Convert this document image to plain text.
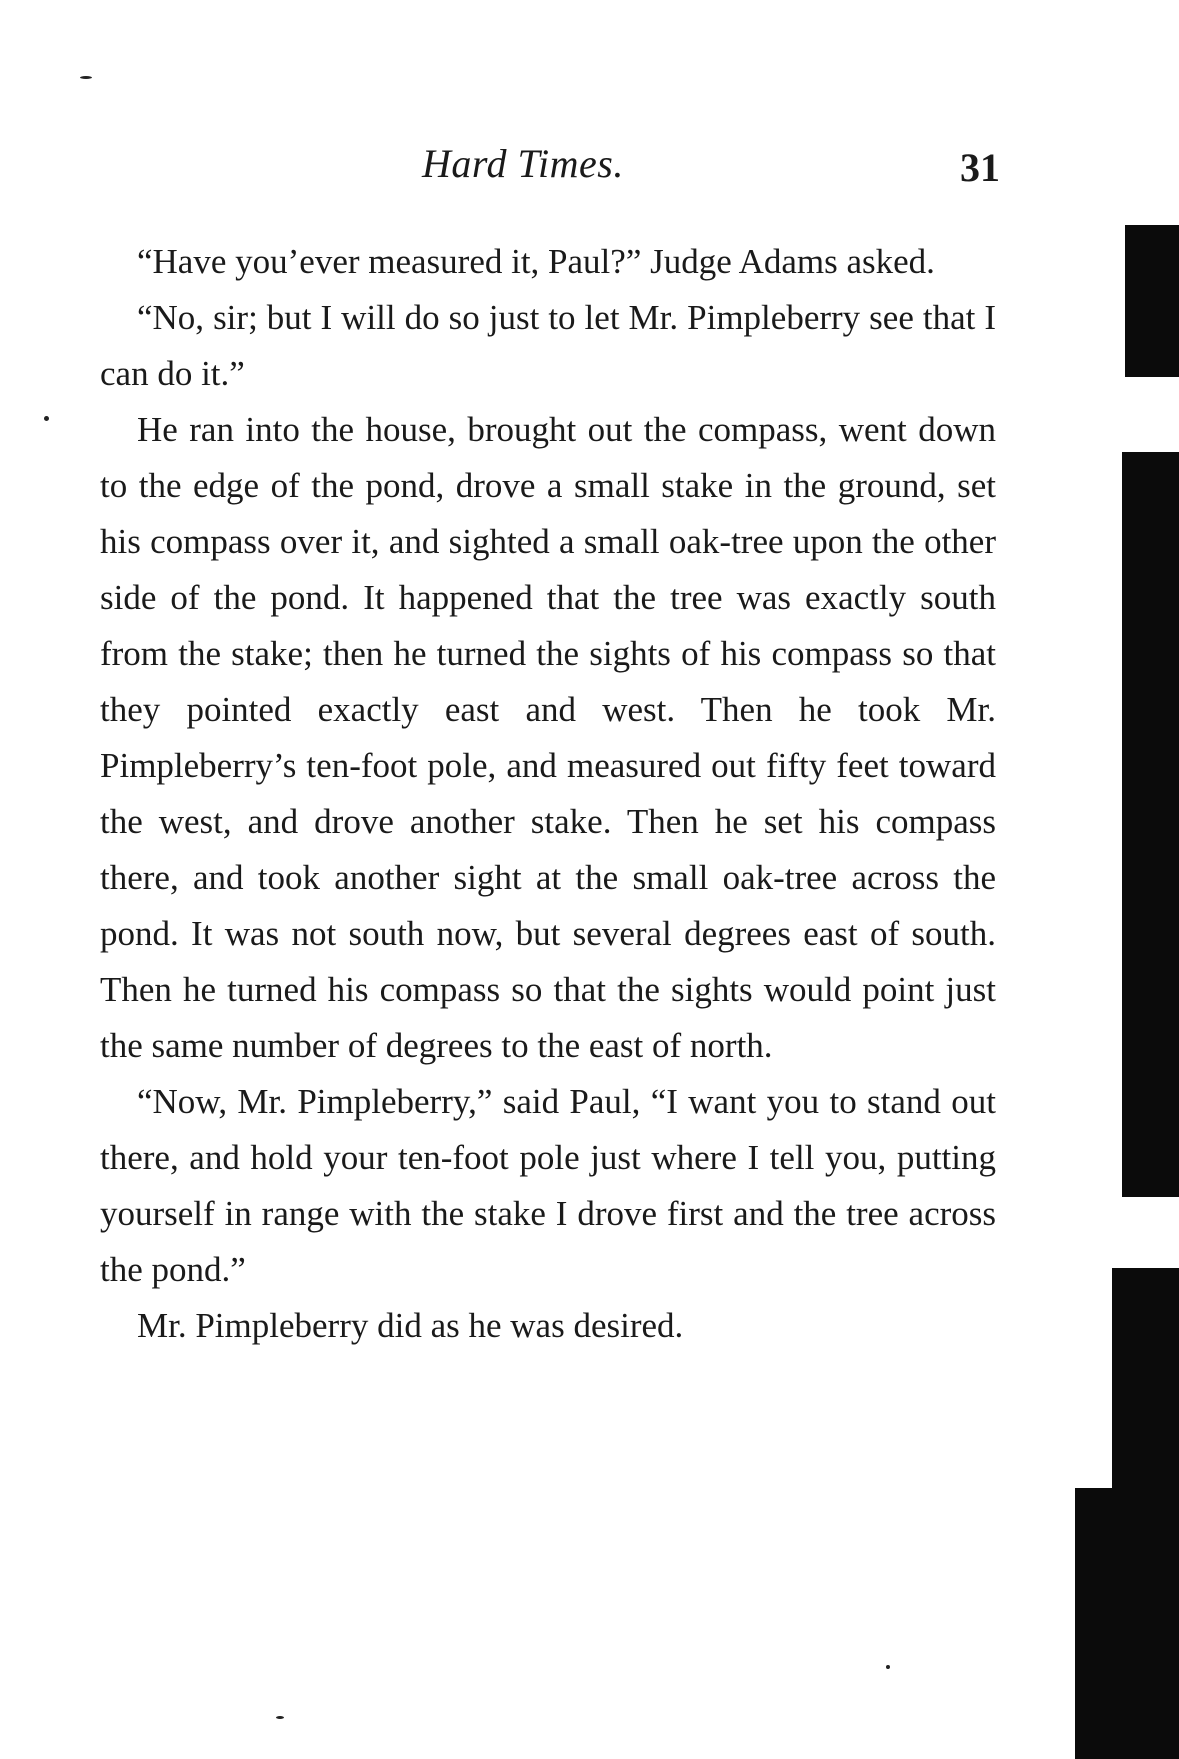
Hard Times.	31

“Have you’ever measured it, Paul?” Judge Adams asked.

“No, sir; but I will do so just to let Mr. Pimpleberry see that I can do it.”

He ran into the house, brought out the compass, went down to the edge of the pond, drove a small stake in the ground, set his compass over it, and sighted a small oak-tree upon the other side of the pond. It happened that the tree was exactly south from the stake; then he turned the sights of his compass so that they pointed exactly east and west. Then he took Mr. Pimpleberry’s ten-foot pole, and measured out fifty feet toward the west, and drove another stake. Then he set his compass there, and took another sight at the small oak-tree across the pond. It was not south now, but several degrees east of south. Then he turned his compass so that the sights would point just the same number of degrees to the east of north.

“Now, Mr. Pimpleberry,” said Paul, “I want you to stand out there, and hold your ten-foot pole just where I tell you, putting yourself in range with the stake I drove first and the tree across the pond.”

Mr. Pimpleberry did as he was desired.
